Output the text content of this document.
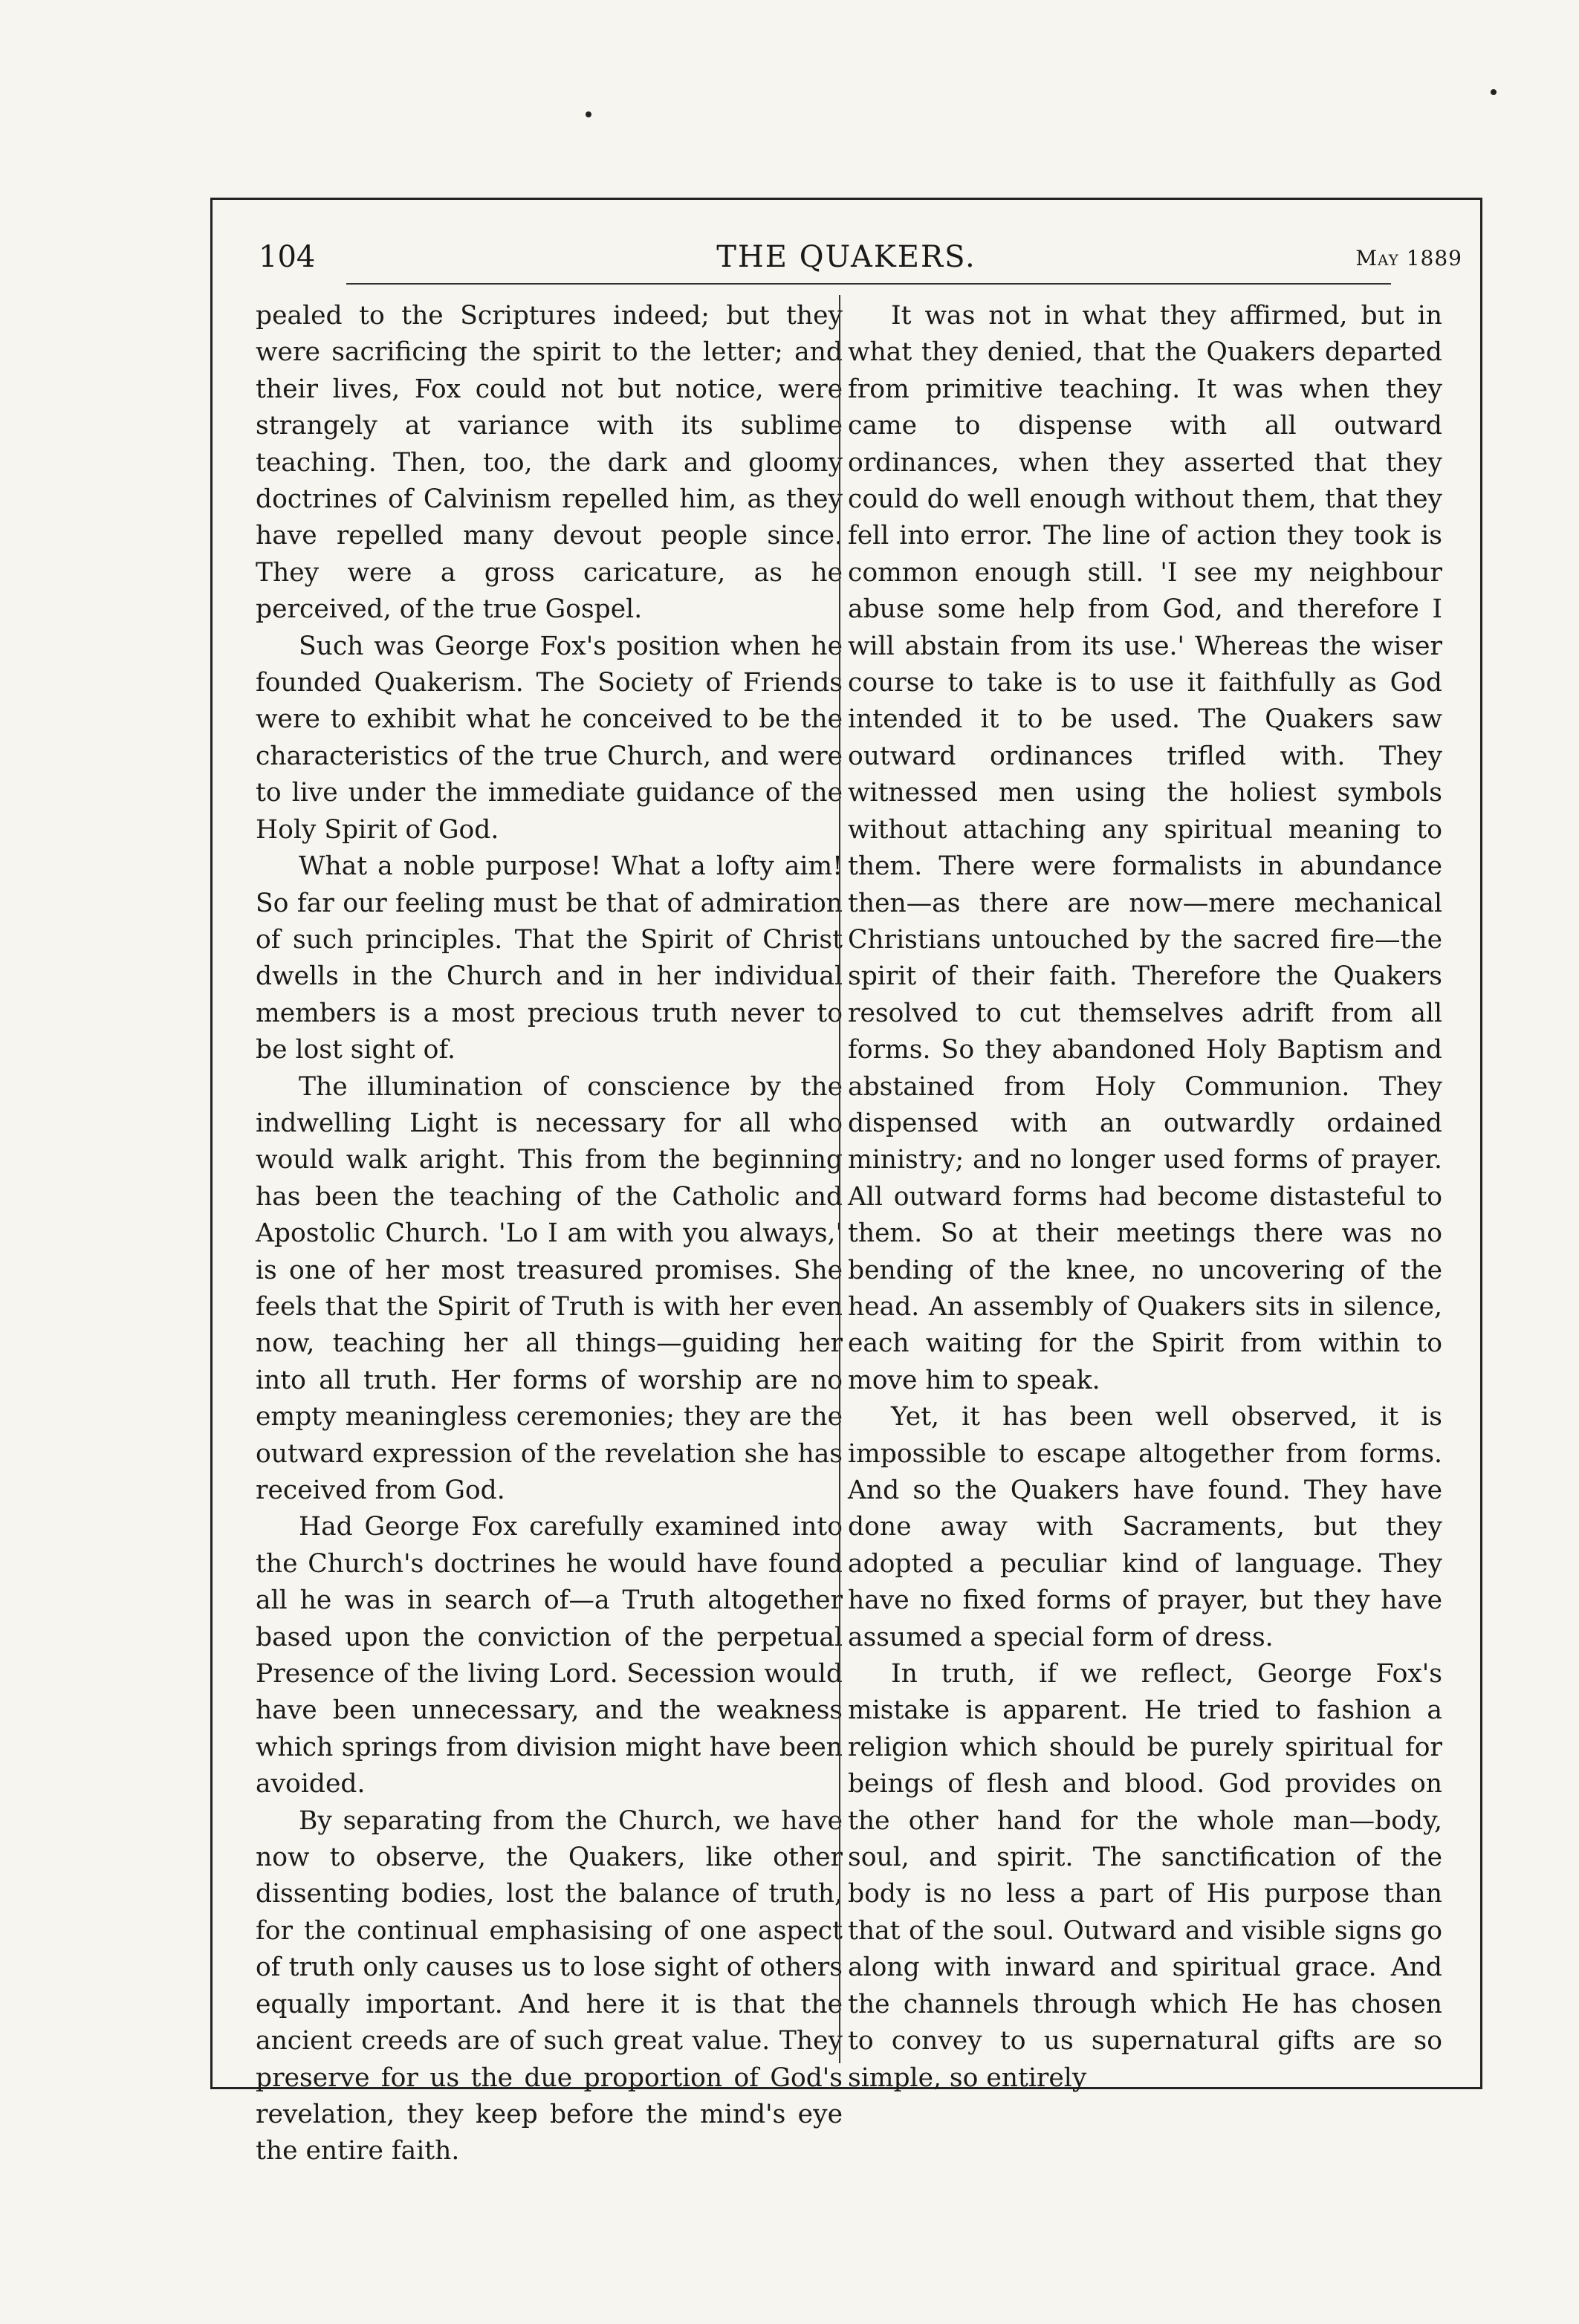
104	THE QUAKERS.	May 1889

pealed to the Scriptures indeed; but they were sacrificing the spirit to the letter; and their lives, Fox could not but notice, were strangely at variance with its sublime teaching. Then, too, the dark and gloomy doctrines of Calvinism repelled him, as they have repelled many devout people since. They were a gross caricature, as he perceived, of the true Gospel.

Such was George Fox's position when he founded Quakerism. The Society of Friends were to exhibit what he conceived to be the characteristics of the true Church, and were to live under the immediate guidance of the Holy Spirit of God.

What a noble purpose! What a lofty aim! So far our feeling must be that of admiration of such principles. That the Spirit of Christ dwells in the Church and in her individual members is a most precious truth never to be lost sight of.

The illumination of conscience by the indwelling Light is necessary for all who would walk aright. This from the beginning has been the teaching of the Catholic and Apostolic Church. 'Lo I am with you always,' is one of her most treasured promises. She feels that the Spirit of Truth is with her even now, teaching her all things—guiding her into all truth. Her forms of worship are no empty meaningless ceremonies; they are the outward expression of the revelation she has received from God.

Had George Fox carefully examined into the Church's doctrines he would have found all he was in search of—a Truth altogether based upon the conviction of the perpetual Presence of the living Lord. Secession would have been unnecessary, and the weakness which springs from division might have been avoided.

By separating from the Church, we have now to observe, the Quakers, like other dissenting bodies, lost the balance of truth, for the continual emphasising of one aspect of truth only causes us to lose sight of others equally important. And here it is that the ancient creeds are of such great value. They preserve for us the due proportion of God's revelation, they keep before the mind's eye the entire faith.

It was not in what they affirmed, but in what they denied, that the Quakers departed from primitive teaching. It was when they came to dispense with all outward ordinances, when they asserted that they could do well enough without them, that they fell into error. The line of action they took is common enough still. 'I see my neighbour abuse some help from God, and therefore I will abstain from its use.' Whereas the wiser course to take is to use it faithfully as God intended it to be used. The Quakers saw outward ordinances trifled with. They witnessed men using the holiest symbols without attaching any spiritual meaning to them. There were formalists in abundance then—as there are now—mere mechanical Christians untouched by the sacred fire—the spirit of their faith. Therefore the Quakers resolved to cut themselves adrift from all forms. So they abandoned Holy Baptism and abstained from Holy Communion. They dispensed with an outwardly ordained ministry; and no longer used forms of prayer. All outward forms had become distasteful to them. So at their meetings there was no bending of the knee, no uncovering of the head. An assembly of Quakers sits in silence, each waiting for the Spirit from within to move him to speak.

Yet, it has been well observed, it is impossible to escape altogether from forms. And so the Quakers have found. They have done away with Sacraments, but they adopted a peculiar kind of language. They have no fixed forms of prayer, but they have assumed a special form of dress.

In truth, if we reflect, George Fox's mistake is apparent. He tried to fashion a religion which should be purely spiritual for beings of flesh and blood. God provides on the other hand for the whole man—body, soul, and spirit. The sanctification of the body is no less a part of His purpose than that of the soul. Outward and visible signs go along with inward and spiritual grace. And the channels through which He has chosen to convey to us supernatural gifts are so simple, so entirely
